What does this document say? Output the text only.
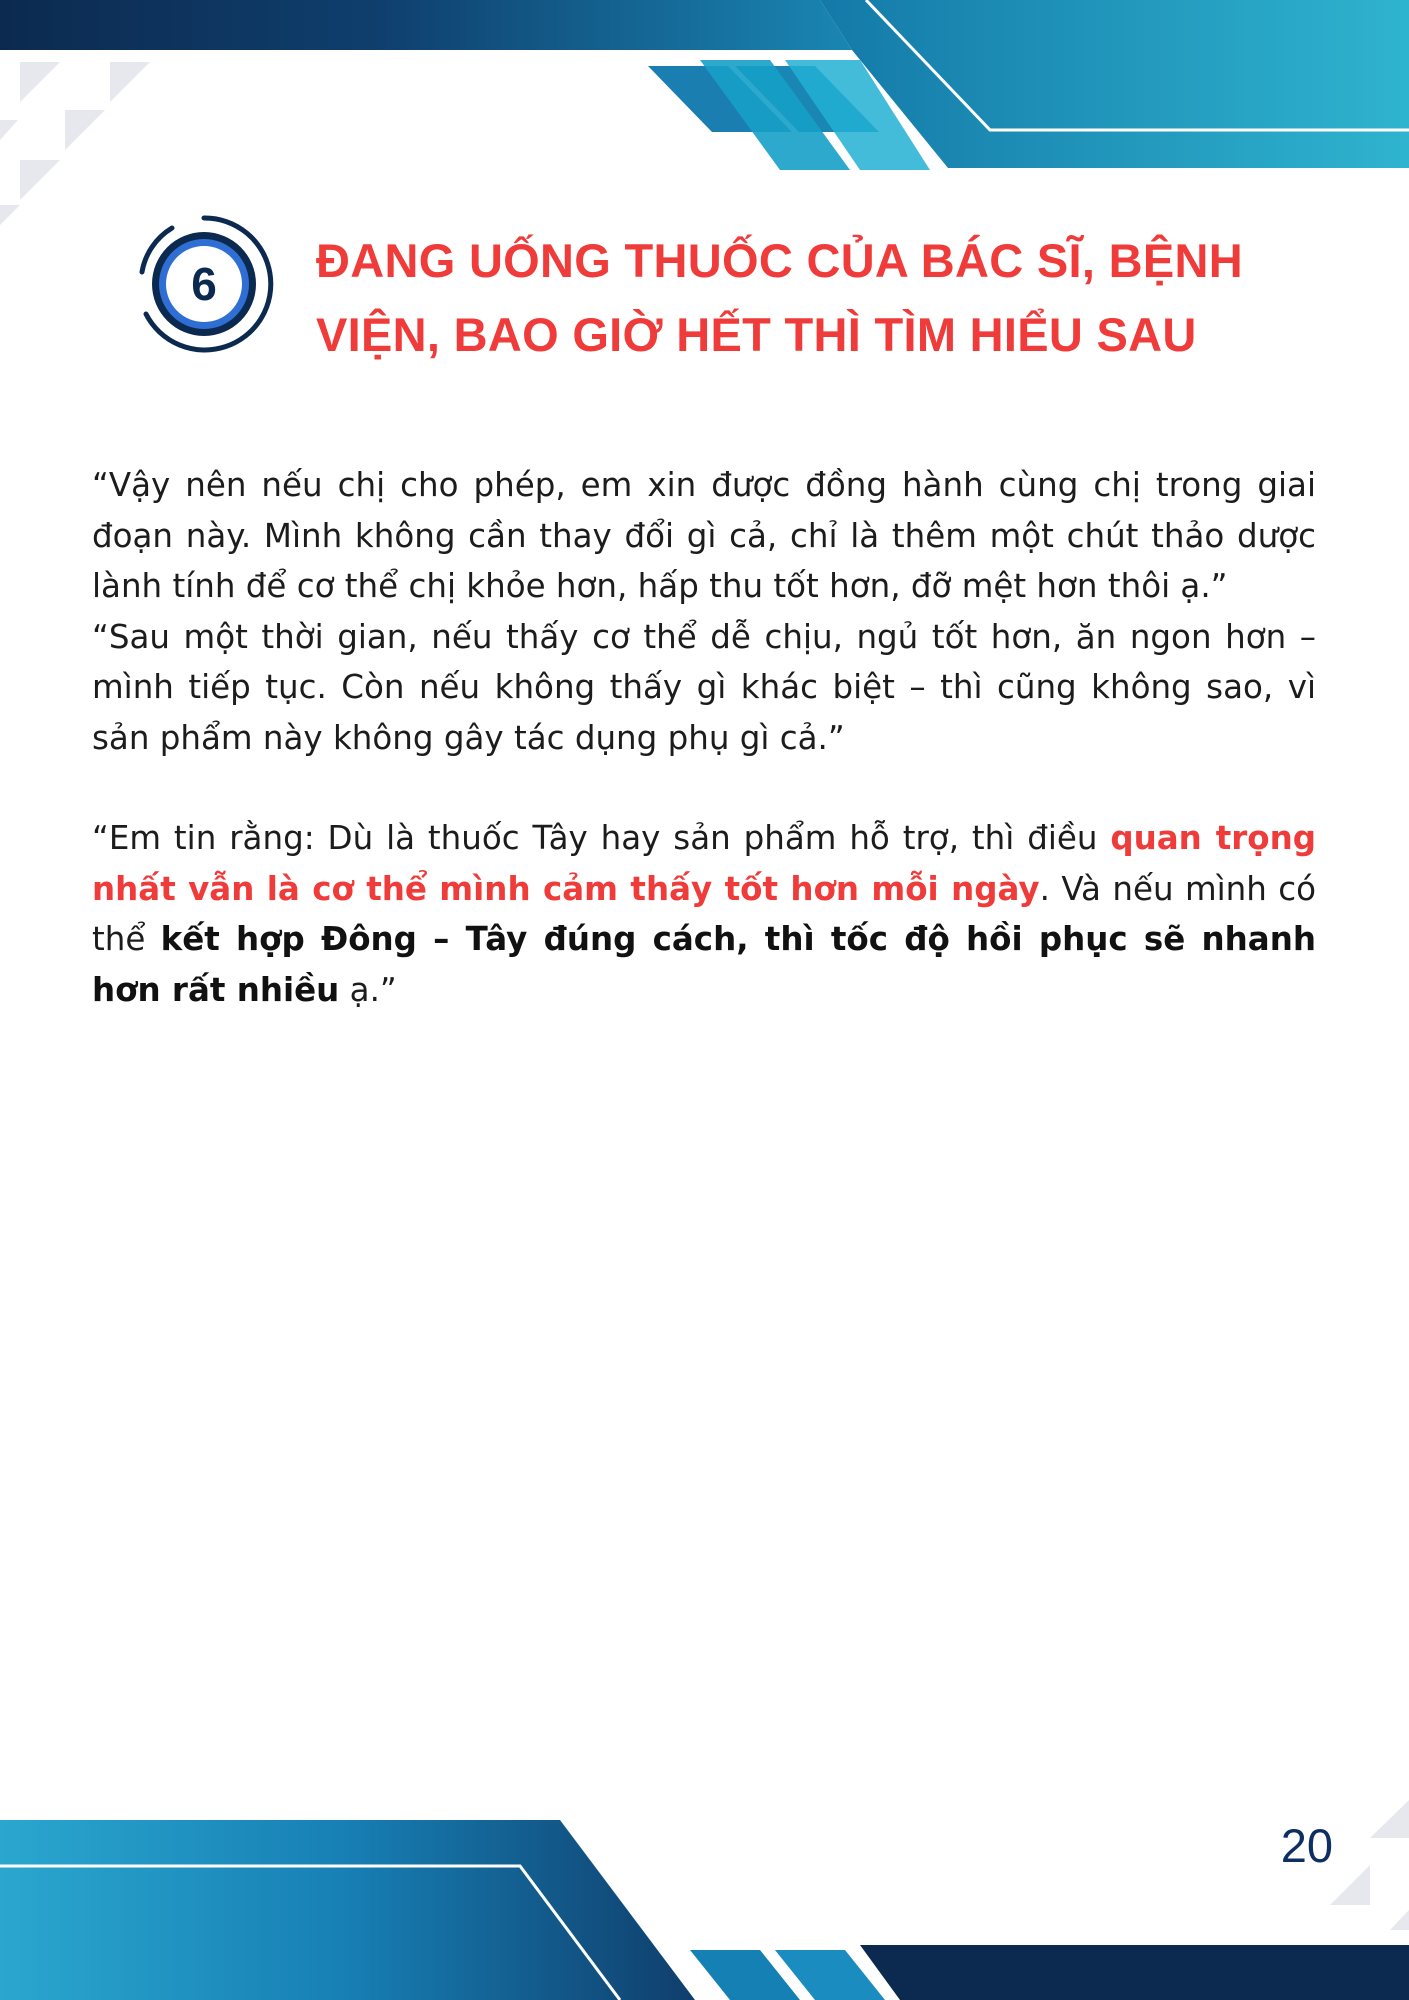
6 ĐANG UỐNG THUỐC CỦA BÁC SĨ, BỆNH
VIỆN, BAO GIỜ HẾT THÌ TÌM HIỂU SAU

“Vậy nên nếu chị cho phép, em xin được đồng hành cùng chị trong giai đoạn này. Mình không cần thay đổi gì cả, chỉ là thêm một chút thảo dược lành tính để cơ thể chị khỏe hơn, hấp thu tốt hơn, đỡ mệt hơn thôi ạ.”

“Sau một thời gian, nếu thấy cơ thể dễ chịu, ngủ tốt hơn, ăn ngon hơn – mình tiếp tục. Còn nếu không thấy gì khác biệt – thì cũng không sao, vì sản phẩm này không gây tác dụng phụ gì cả.”

“Em tin rằng: Dù là thuốc Tây hay sản phẩm hỗ trợ, thì điều quan trọng nhất vẫn là cơ thể mình cảm thấy tốt hơn mỗi ngày. Và nếu mình có thể kết hợp Đông – Tây đúng cách, thì tốc độ hồi phục sẽ nhanh hơn rất nhiều ạ.”

20
